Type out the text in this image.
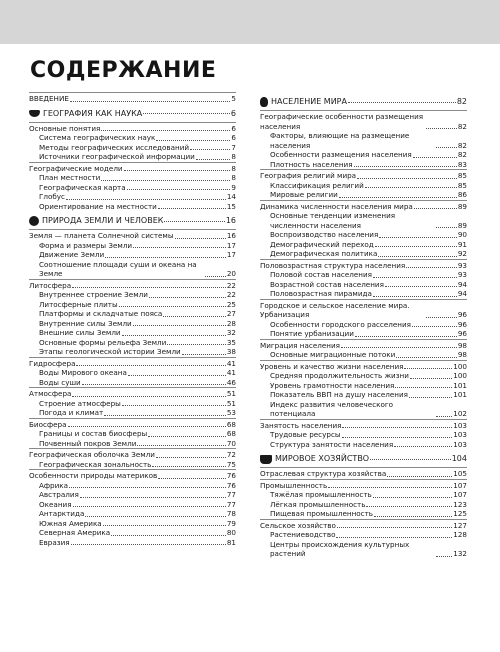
СОДЕРЖАНИЕ
ВВЕДЕНИЕ	5
ГЕОГРАФИЯ КАК НАУКА	6
Основные понятия	6
Система географических наук	6
Методы географических исследований	7
Источники географической информации	8
Географические модели	8
План местности	8
Географическая карта	9
Глобус	14
Ориентирование на местности	15
ПРИРОДА ЗЕМЛИ И ЧЕЛОВЕК	16
Земля — планета Солнечной системы	16
Форма и размеры Земли	17
Движение Земли	17
Соотношение площади суши и океана на Земле	20
Литосфера	22
Внутреннее строение Земли	22
Литосферные плиты	25
Платформы и складчатые пояса	27
Внутренние силы Земли	28
Внешние силы Земли	32
Основные формы рельефа Земли	35
Этапы геологической истории Земли	38
Гидросфера	41
Воды Мирового океана	41
Воды суши	46
Атмосфера	51
Строение атмосферы	51
Погода и климат	53
Биосфера	68
Границы и состав биосферы	68
Почвенный покров Земли	70
Географическая оболочка Земли	72
Географическая зональность	75
Особенности природы материков	76
Африка	76
Австралия	77
Океания	77
Антарктида	78
Южная Америка	79
Северная Америка	80
Евразия	81
НАСЕЛЕНИЕ МИРА	82
Географические особенности размещения населения	82
Факторы, влияющие на размещение населения	82
Особенности размещения населения	82
Плотность населения	83
География религий мира	85
Классификация религий	85
Мировые религии	86
Динамика численности населения мира	89
Основные тенденции изменения численности населения	89
Воспроизводство населения	90
Демографический переход	91
Демографическая политика	92
Половозрастная структура населения	93
Половой состав населения	93
Возрастной состав населения	94
Половозрастная пирамида	94
Городское и сельское население мира. Урбанизация	96
Особенности городского расселения	96
Понятие урбанизации	96
Миграция населения	98
Основные миграционные потоки	98
Уровень и качество жизни населения	100
Средняя продолжительность жизни	100
Уровень грамотности населения	101
Показатель ВВП на душу населения	101
Индекс развития человеческого потенциала	102
Занятость населения	103
Трудовые ресурсы	103
Структура занятости населения	103
МИРОВОЕ ХОЗЯЙСТВО	104
Отраслевая структура хозяйства	105
Промышленность	107
Тяжёлая промышленность	107
Лёгкая промышленность	123
Пищевая промышленность	125
Сельское хозяйство	127
Растениеводство	128
Центры происхождения культурных растений	132
